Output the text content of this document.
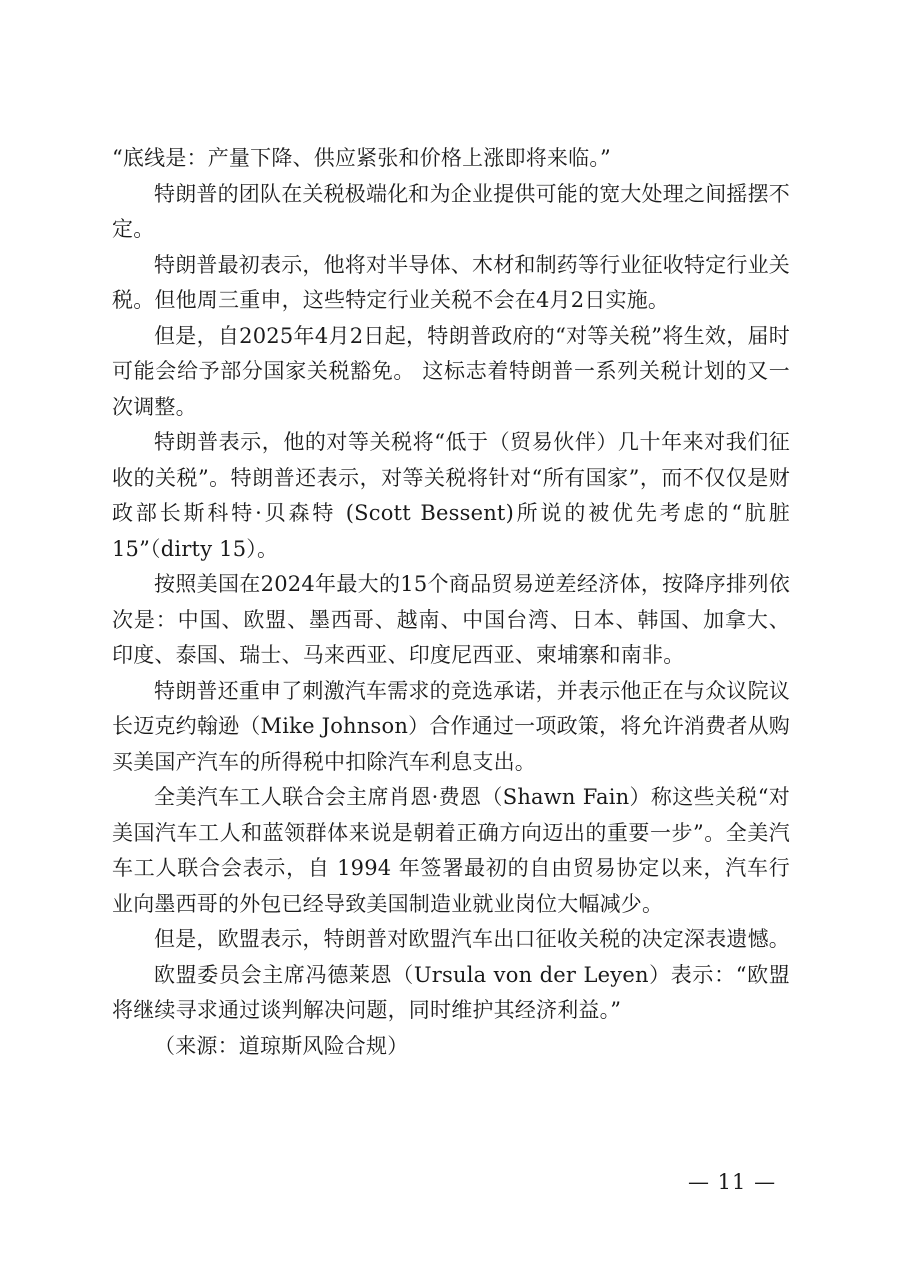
“底线是：产量下降、供应紧张和价格上涨即将来临。”

特朗普的团队在关税极端化和为企业提供可能的宽大处理之间摇摆不定。

特朗普最初表示，他将对半导体、木材和制药等行业征收特定行业关税。但他周三重申，这些特定行业关税不会在4月2日实施。

但是，自2025年4月2日起，特朗普政府的“对等关税”将生效，届时可能会给予部分国家关税豁免。 这标志着特朗普一系列关税计划的又一次调整。

特朗普表示，他的对等关税将“低于（贸易伙伴）几十年来对我们征收的关税”。特朗普还表示，对等关税将针对“所有国家”，而不仅仅是财政部长斯科特·贝森特 (Scott Bessent)所说的被优先考虑的“肮脏15”（dirty 15）。

按照美国在2024年最大的15个商品贸易逆差经济体，按降序排列依次是：中国、欧盟、墨西哥、越南、中国台湾、日本、韩国、加拿大、印度、泰国、瑞士、马来西亚、印度尼西亚、柬埔寨和南非。

特朗普还重申了刺激汽车需求的竞选承诺，并表示他正在与众议院议长迈克约翰逊（Mike Johnson）合作通过一项政策，将允许消费者从购买美国产汽车的所得税中扣除汽车利息支出。

全美汽车工人联合会主席肖恩·费恩（Shawn Fain）称这些关税“对美国汽车工人和蓝领群体来说是朝着正确方向迈出的重要一步”。全美汽车工人联合会表示，自 1994 年签署最初的自由贸易协定以来，汽车行业向墨西哥的外包已经导致美国制造业就业岗位大幅减少。

但是，欧盟表示，特朗普对欧盟汽车出口征收关税的决定深表遗憾。

欧盟委员会主席冯德莱恩（Ursula von der Leyen）表示：“欧盟将继续寻求通过谈判解决问题，同时维护其经济利益。”

（来源：道琼斯风险合规）

— 11 —
